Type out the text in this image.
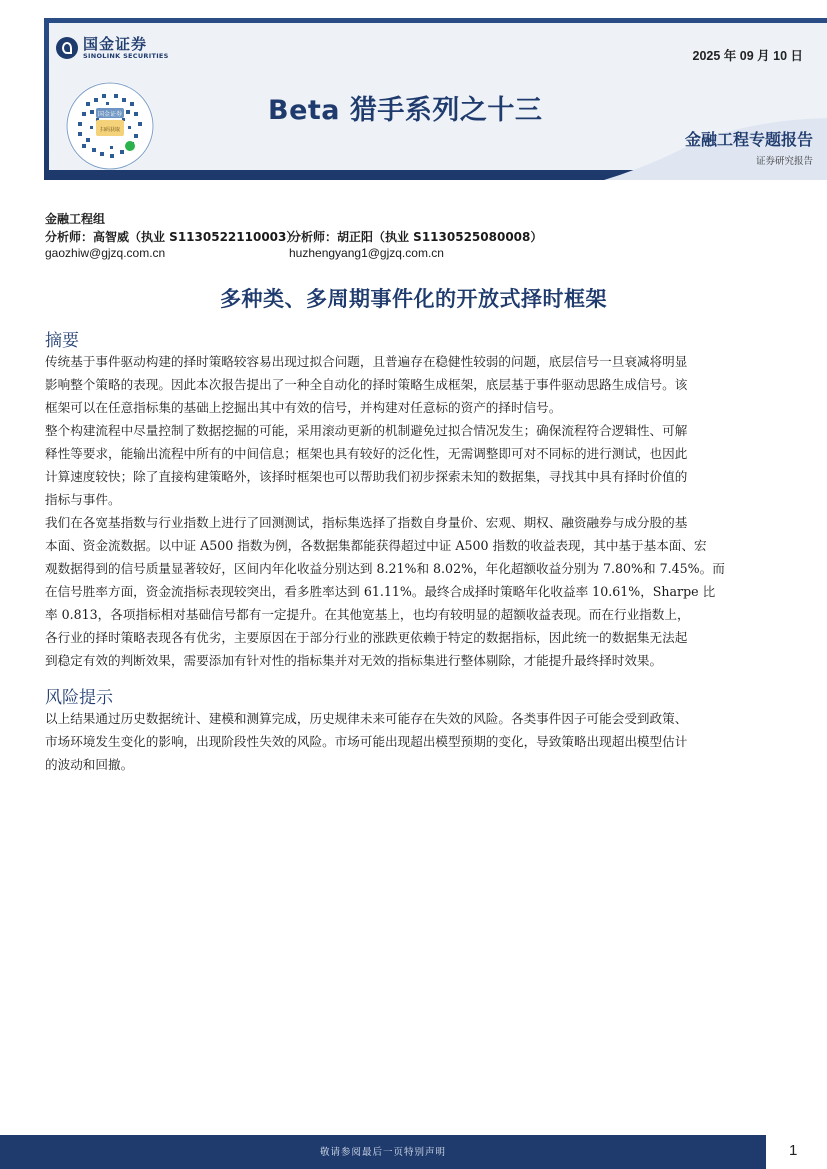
国金证券
SINOLINK SECURITIES
国金证券
扫码获取
2025 年 09 月 10 日
Beta 猎手系列之十三
金融工程专题报告
证券研究报告
金融工程组
分析师：高智威（执业 S1130522110003）
分析师：胡正阳（执业 S1130525080008）
gaozhiw@gjzq.com.cn	huzhengyang1@gjzq.com.cn
多种类、多周期事件化的开放式择时框架
摘要
传统基于事件驱动构建的择时策略较容易出现过拟合问题，且普遍存在稳健性较弱的问题，底层信号一旦衰减将明显
影响整个策略的表现。因此本次报告提出了一种全自动化的择时策略生成框架，底层基于事件驱动思路生成信号。该
框架可以在任意指标集的基础上挖掘出其中有效的信号，并构建对任意标的资产的择时信号。
整个构建流程中尽量控制了数据挖掘的可能，采用滚动更新的机制避免过拟合情况发生；确保流程符合逻辑性、可解
释性等要求，能输出流程中所有的中间信息；框架也具有较好的泛化性，无需调整即可对不同标的进行测试，也因此
计算速度较快；除了直接构建策略外，该择时框架也可以帮助我们初步探索未知的数据集，寻找其中具有择时价值的
指标与事件。
我们在各宽基指数与行业指数上进行了回测测试，指标集选择了指数自身量价、宏观、期权、融资融券与成分股的基
本面、资金流数据。以中证 A500 指数为例，各数据集都能获得超过中证 A500 指数的收益表现，其中基于基本面、宏
观数据得到的信号质量显著较好，区间内年化收益分别达到 8.21%和 8.02%，年化超额收益分别为 7.80%和 7.45%。而
在信号胜率方面，资金流指标表现较突出，看多胜率达到 61.11%。最终合成择时策略年化收益率 10.61%，Sharpe 比
率 0.813，各项指标相对基础信号都有一定提升。在其他宽基上，也均有较明显的超额收益表现。而在行业指数上，
各行业的择时策略表现各有优劣，主要原因在于部分行业的涨跌更依赖于特定的数据指标，因此统一的数据集无法起
到稳定有效的判断效果，需要添加有针对性的指标集并对无效的指标集进行整体剔除，才能提升最终择时效果。
风险提示
以上结果通过历史数据统计、建模和测算完成，历史规律未来可能存在失效的风险。各类事件因子可能会受到政策、
市场环境发生变化的影响，出现阶段性失效的风险。市场可能出现超出模型预期的变化，导致策略出现超出模型估计
的波动和回撤。
敬请参阅最后一页特别声明	1
